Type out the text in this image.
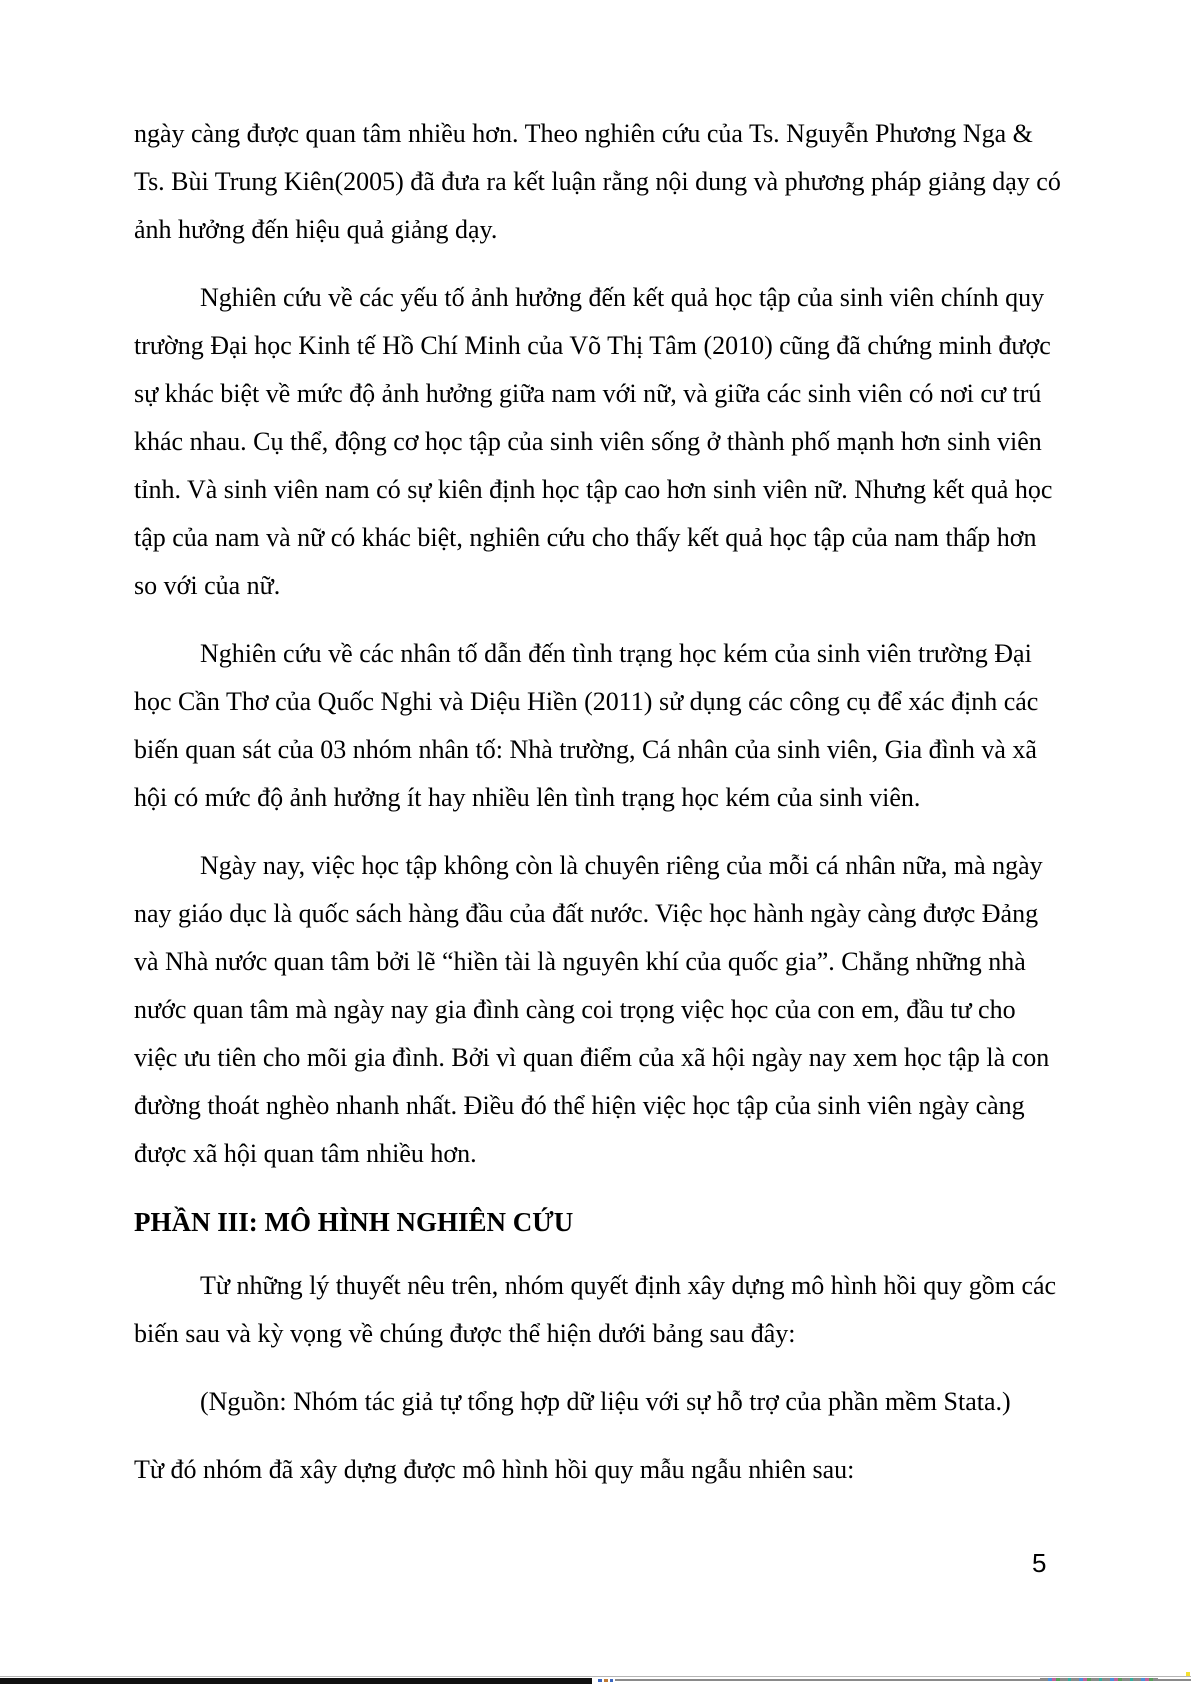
ngày càng được quan tâm nhiều hơn. Theo nghiên cứu của Ts. Nguyễn Phương Nga & Ts. Bùi Trung Kiên(2005) đã đưa ra kết luận rằng nội dung và phương pháp giảng dạy có ảnh hưởng đến hiệu quả giảng dạy.

Nghiên cứu về các yếu tố ảnh hưởng đến kết quả học tập của sinh viên chính quy trường Đại học Kinh tế Hồ Chí Minh của Võ Thị Tâm (2010) cũng đã chứng minh được sự khác biệt về mức độ ảnh hưởng giữa nam với nữ, và giữa các sinh viên có nơi cư trú khác nhau. Cụ thể, động cơ học tập của sinh viên sống ở thành phố mạnh hơn sinh viên tỉnh. Và sinh viên nam có sự kiên định học tập cao hơn sinh viên nữ. Nhưng kết quả học tập của nam và nữ có khác biệt, nghiên cứu cho thấy kết quả học tập của nam thấp hơn so với của nữ.

Nghiên cứu về các nhân tố dẫn đến tình trạng học kém của sinh viên trường Đại học Cần Thơ của Quốc Nghi và Diệu Hiền (2011) sử dụng các công cụ để xác định các biến quan sát của 03 nhóm nhân tố: Nhà trường, Cá nhân của sinh viên, Gia đình và xã hội có mức độ ảnh hưởng ít hay nhiều lên tình trạng học kém của sinh viên.

Ngày nay, việc học tập không còn là chuyên riêng của mỗi cá nhân nữa, mà ngày nay giáo dục là quốc sách hàng đầu của đất nước. Việc học hành ngày càng được Đảng và Nhà nước quan tâm bởi lẽ “hiền tài là nguyên khí của quốc gia”. Chẳng những nhà nước quan tâm mà ngày nay gia đình càng coi trọng việc học của con em, đầu tư cho việc ưu tiên cho mõi gia đình. Bởi vì quan điểm của xã hội ngày nay xem học tập là con đường thoát nghèo nhanh nhất. Điều đó thể hiện việc học tập của sinh viên ngày càng được xã hội quan tâm nhiều hơn.

PHẦN III: MÔ HÌNH NGHIÊN CỨU

Từ những lý thuyết nêu trên, nhóm quyết định xây dựng mô hình hồi quy gồm các biến sau và kỳ vọng về chúng được thể hiện dưới bảng sau đây:

(Nguồn: Nhóm tác giả tự tổng hợp dữ liệu với sự hỗ trợ của phần mềm Stata.)

Từ đó nhóm đã xây dựng được mô hình hồi quy mẫu ngẫu nhiên sau:

5
